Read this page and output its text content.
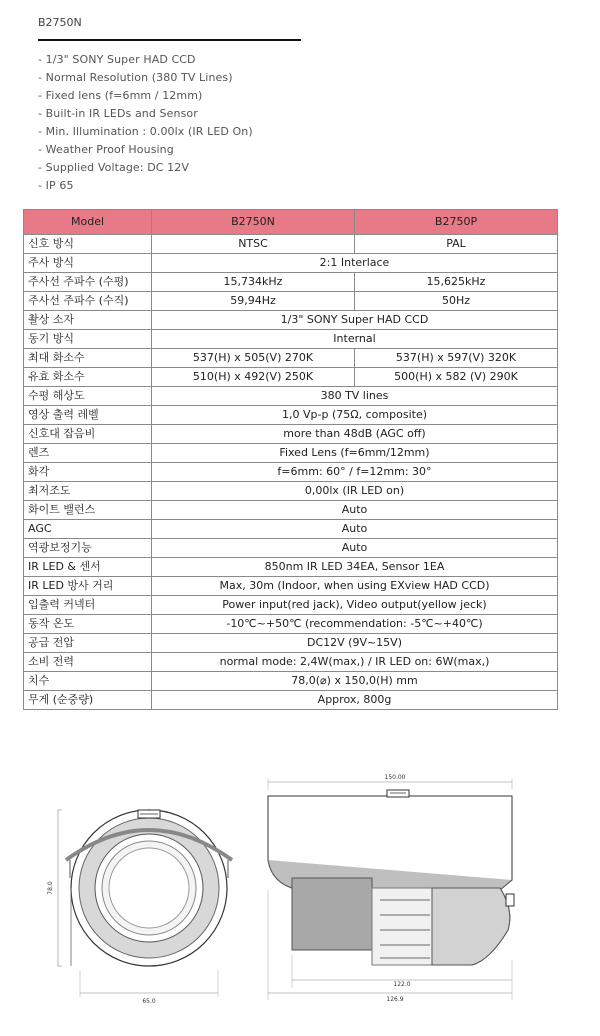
B2750N
- 1/3" SONY Super HAD CCD
- Normal Resolution (380 TV Lines)
- Fixed lens (f=6mm / 12mm)
- Built-in IR LEDs and Sensor
- Min. Illumination : 0.00lx (IR LED On)
- Weather Proof Housing
- Supplied Voltage: DC 12V
- IP 65
Model	B2750N	B2750P
신호 방식	NTSC	PAL
주사 방식	2:1 Interlace	
주사선 주파수 (수평)	15,734kHz	15,625kHz
주사선 주파수 (수직)	59,94Hz	50Hz
촬상 소자	1/3" SONY Super HAD CCD	
동기 방식	Internal	
최대 화소수	537(H) x 505(V) 270K	537(H) x 597(V) 320K
유효 화소수	510(H) x 492(V) 250K	500(H) x 582 (V) 290K
수평 해상도	380 TV lines	
영상 출력 레벨	1,0 Vp-p (75Ω, composite)	
신호대 잡음비	more than 48dB (AGC off)	
렌즈	Fixed Lens (f=6mm/12mm)	
화각	f=6mm: 60° / f=12mm: 30°	
최저조도	0,00lx (IR LED on)	
화이트 밸런스	Auto	
AGC	Auto	
역광보정기능	Auto	
IR LED & 센서	850nm IR LED 34EA, Sensor 1EA	
IR LED 방사 거리	Max, 30m (Indoor, when using EXview HAD CCD)	
입출력 커넥터	Power input(red jack), Video output(yellow jeck)	
동작 온도	-10℃~+50℃ (recommendation: -5℃~+40℃)	
공급 전압	DC12V (9V~15V)	
소비 전력	normal mode: 2,4W(max,) / IR LED on: 6W(max,)	
치수	78,0(⌀) x 150,0(H) mm	
무게 (순중량)	Approx, 800g	
65.0
78.0
150.00
122.0
126.9
